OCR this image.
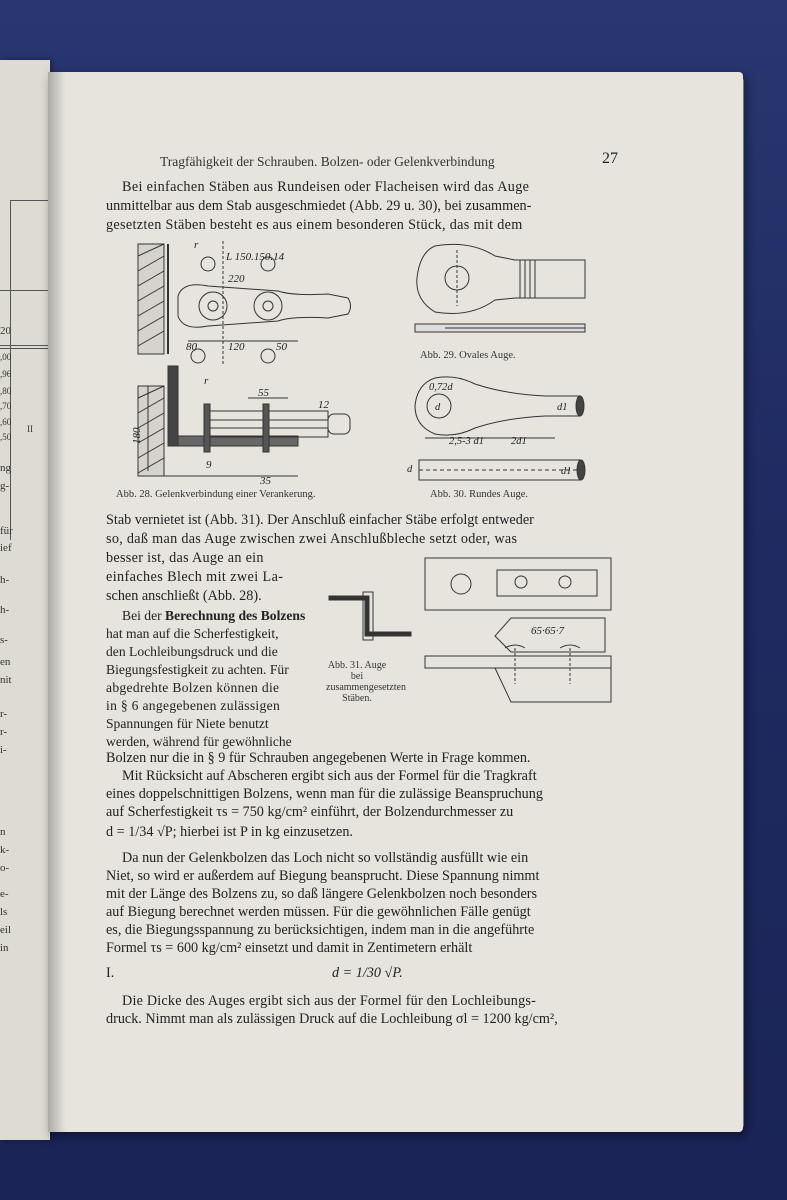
20
,00
,96
,80
,70
,60
,50
II
ng
g-
für
ief
h-
h-
s-
en
nit
r-
r-
i-
n
k-
o-
e-
ls
eil
in
Tragfähigkeit der Schrauben. Bolzen- oder Gelenkverbindung	27
Bei einfachen Stäben aus Rundeisen oder Flacheisen wird das Auge
unmittelbar aus dem Stab ausgeschmiedet (Abb. 29 u. 30), bei zusammen-
gesetzten Stäben besteht es aus einem besonderen Stück, das mit dem
L 150.150.14
r
220
80	120	50
r
55
180
9
35
12
Abb. 28. Gelenkverbindung einer Verankerung.
Abb. 29. Ovales Auge.
0,72d
d	d1
2,5-3 d1	2d1
d	d1
Abb. 30. Rundes Auge.
Stab vernietet ist (Abb. 31). Der Anschluß einfacher Stäbe erfolgt entweder
so, daß man das Auge zwischen zwei Anschlußbleche setzt oder, was
besser ist, das Auge an ein
einfaches Blech mit zwei La-
schen anschließt (Abb. 28).
Bei der Berechnung des Bolzens
hat man auf die Scherfestigkeit,
den Lochleibungsdruck und die
Biegungsfestigkeit zu achten. Für
abgedrehte Bolzen können die
in § 6 angegebenen zulässigen
Spannungen für Niete benutzt
werden, während für gewöhnliche
65·65·7
Abb. 31. Auge bei zusammengesetzten Stäben.
Bolzen nur die in § 9 für Schrauben angegebenen Werte in Frage kommen.
Mit Rücksicht auf Abscheren ergibt sich aus der Formel für die Tragkraft
eines doppelschnittigen Bolzens, wenn man für die zulässige Beanspruchung
auf Scherfestigkeit τs = 750 kg/cm² einführt, der Bolzendurchmesser zu
d = 1/34 √P; hierbei ist P in kg einzusetzen.
Da nun der Gelenkbolzen das Loch nicht so vollständig ausfüllt wie ein
Niet, so wird er außerdem auf Biegung beansprucht. Diese Spannung nimmt
mit der Länge des Bolzens zu, so daß längere Gelenkbolzen noch besonders
auf Biegung berechnet werden müssen. Für die gewöhnlichen Fälle genügt
es, die Biegungsspannung zu berücksichtigen, indem man in die angeführte
Formel τs = 600 kg/cm² einsetzt und damit in Zentimetern erhält
I.	d = 1/30 √P.
Die Dicke des Auges ergibt sich aus der Formel für den Lochleibungs-
druck. Nimmt man als zulässigen Druck auf die Lochleibung σl = 1200 kg/cm²,
